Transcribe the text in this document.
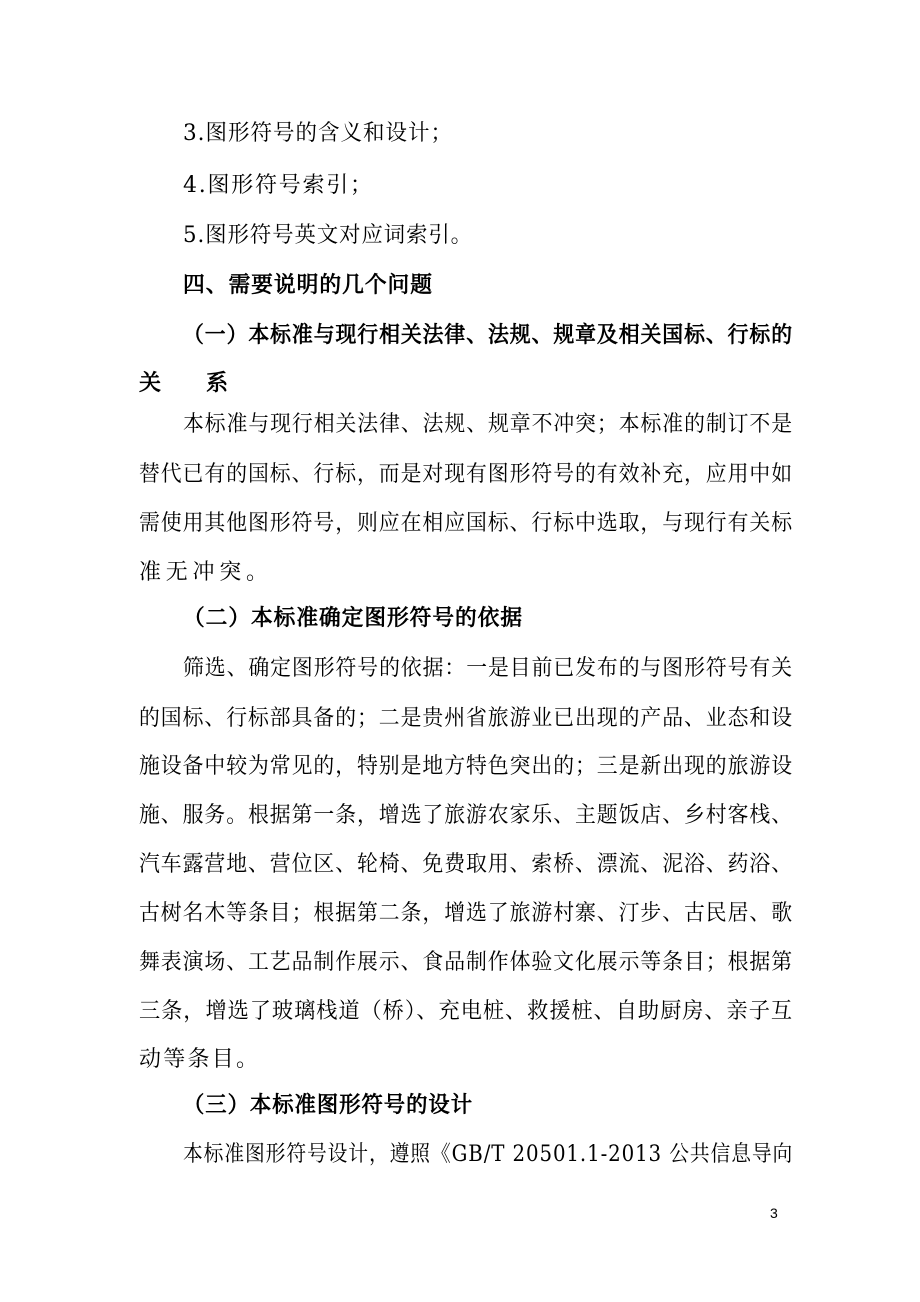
3.图形符号的含义和设计；
4.图形符号索引；
5.图形符号英文对应词索引。
四、需要说明的几个问题
（一）本标准与现行相关法律、法规、规章及相关国标、行标的
关系
本标准与现行相关法律、法规、规章不冲突；本标准的制订不是
替代已有的国标、行标，而是对现有图形符号的有效补充，应用中如
需使用其他图形符号，则应在相应国标、行标中选取，与现行有关标
准无冲突。
（二）本标准确定图形符号的依据
筛选、确定图形符号的依据：一是目前已发布的与图形符号有关
的国标、行标部具备的；二是贵州省旅游业已出现的产品、业态和设
施设备中较为常见的，特别是地方特色突出的；三是新出现的旅游设
施、服务。根据第一条，增选了旅游农家乐、主题饭店、乡村客栈、
汽车露营地、营位区、轮椅、免费取用、索桥、漂流、泥浴、药浴、
古树名木等条目；根据第二条，增选了旅游村寨、汀步、古民居、歌
舞表演场、工艺品制作展示、食品制作体验文化展示等条目；根据第
三条，增选了玻璃栈道（桥）、充电桩、救援桩、自助厨房、亲子互
动等条目。
（三）本标准图形符号的设计
本标准图形符号设计，遵照《GB/T 20501.1-2013 公共信息导向
3
